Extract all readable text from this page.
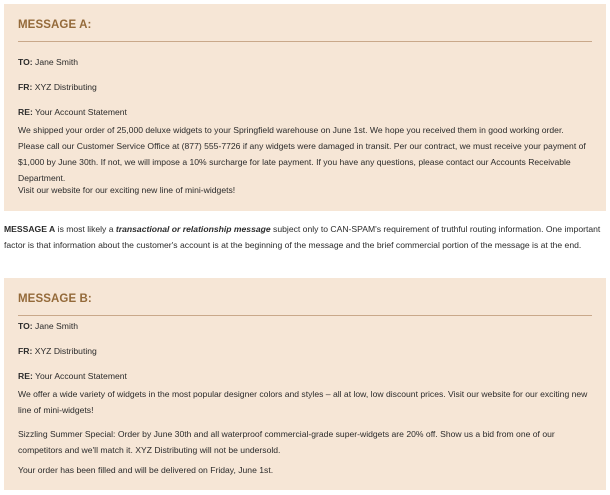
MESSAGE A:
TO: Jane Smith
FR: XYZ Distributing
RE: Your Account Statement

We shipped your order of 25,000 deluxe widgets to your Springfield warehouse on June 1st. We hope you received them in good working order. Please call our Customer Service Office at (877) 555-7726 if any widgets were damaged in transit. Per our contract, we must receive your payment of $1,000 by June 30th. If not, we will impose a 10% surcharge for late payment. If you have any questions, please contact our Accounts Receivable Department.

Visit our website for our exciting new line of mini-widgets!

MESSAGE A is most likely a transactional or relationship message subject only to CAN-SPAM's requirement of truthful routing information. One important factor is that information about the customer's account is at the beginning of the message and the brief commercial portion of the message is at the end.
MESSAGE B:
TO: Jane Smith
FR: XYZ Distributing
RE: Your Account Statement

We offer a wide variety of widgets in the most popular designer colors and styles – all at low, low discount prices. Visit our website for our exciting new line of mini-widgets!

Sizzling Summer Special: Order by June 30th and all waterproof commercial-grade super-widgets are 20% off. Show us a bid from one of our competitors and we'll match it. XYZ Distributing will not be undersold.

Your order has been filled and will be delivered on Friday, June 1st.
